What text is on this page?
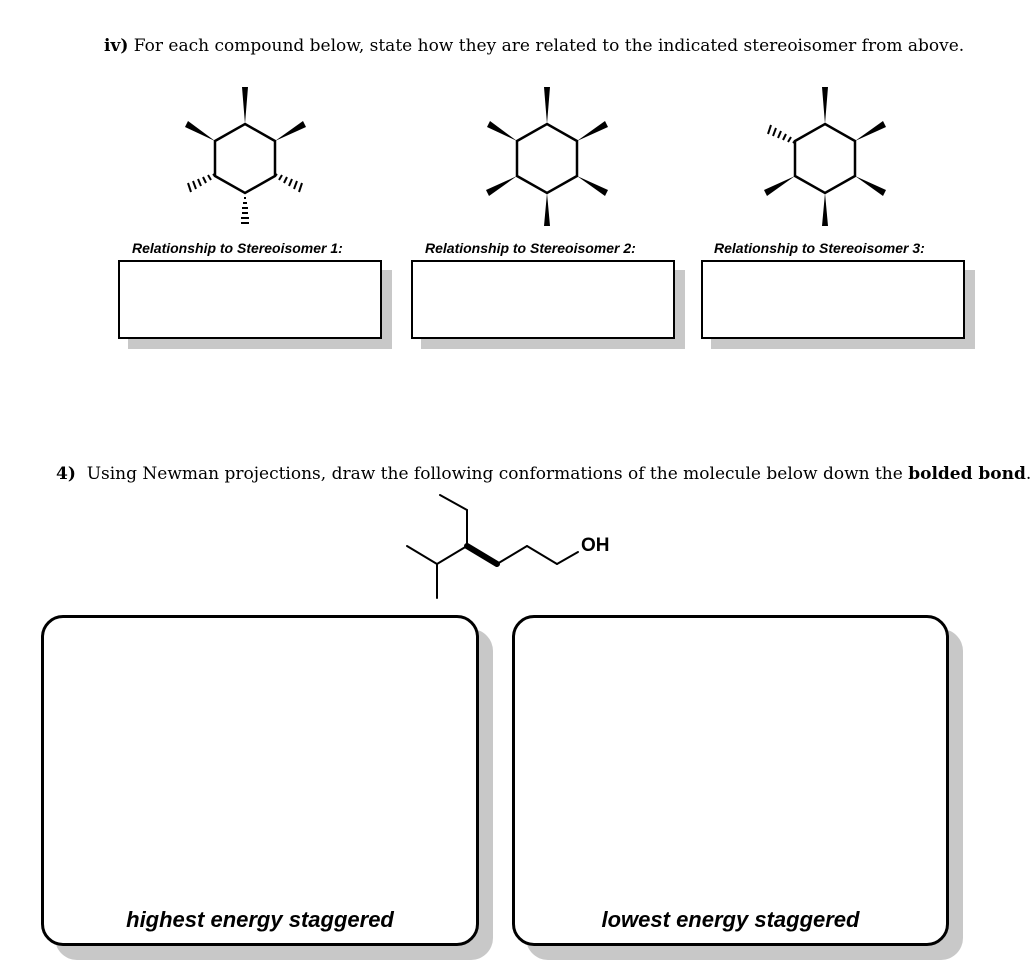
iv) For each compound below, state how they are related to the indicated stereoisomer from above.
Relationship to Stereoisomer 1:	Relationship to Stereoisomer 2:	Relationship to Stereoisomer 3:
4) Using Newman projections, draw the following conformations of the molecule below down the bolded bond.
OH
highest energy staggered	lowest energy staggered
